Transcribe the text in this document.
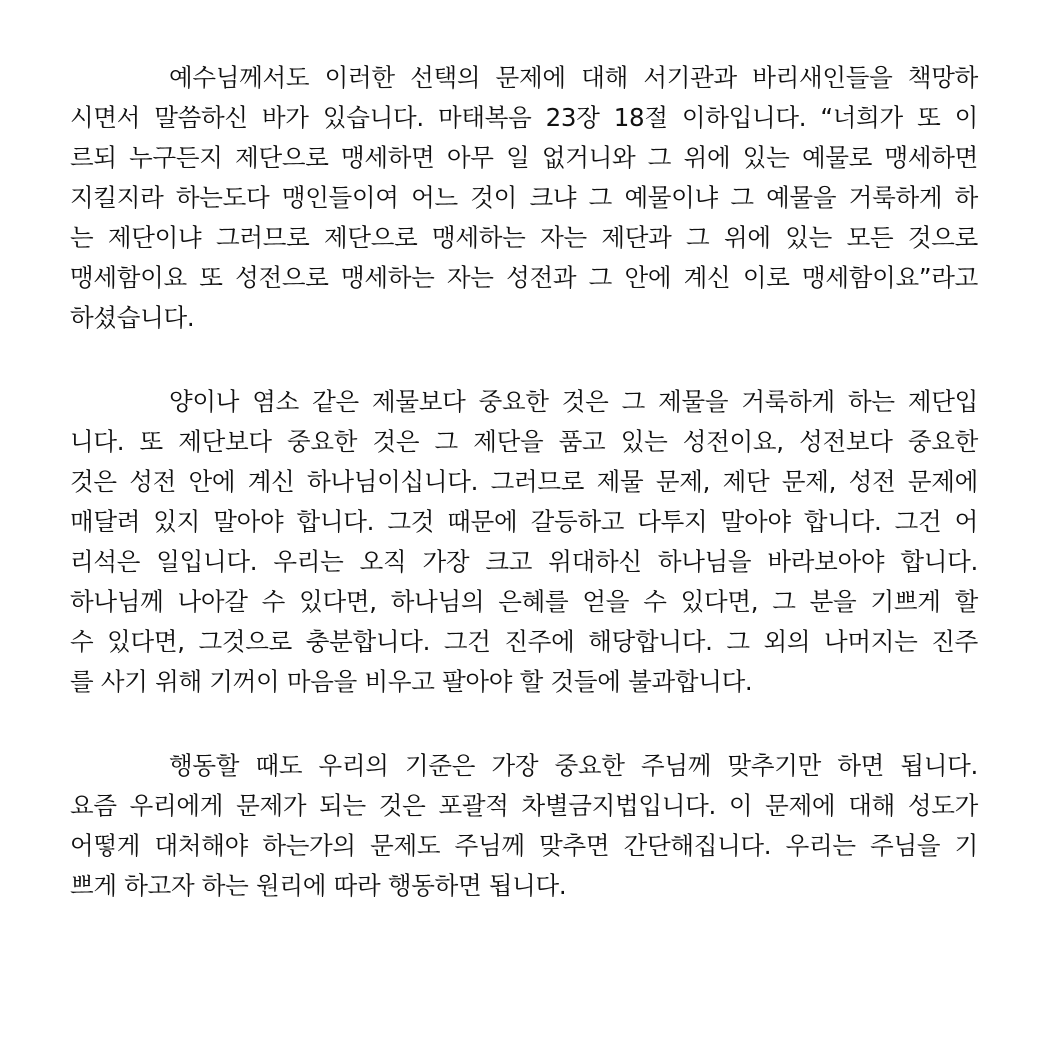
예수님께서도 이러한 선택의 문제에 대해 서기관과 바리새인들을 책망하
시면서 말씀하신 바가 있습니다. 마태복음 23장 18절 이하입니다. “너희가 또 이
르되 누구든지 제단으로 맹세하면 아무 일 없거니와 그 위에 있는 예물로 맹세하면
지킬지라 하는도다 맹인들이여 어느 것이 크냐 그 예물이냐 그 예물을 거룩하게 하
는 제단이냐 그러므로 제단으로 맹세하는 자는 제단과 그 위에 있는 모든 것으로
맹세함이요 또 성전으로 맹세하는 자는 성전과 그 안에 계신 이로 맹세함이요”라고
하셨습니다.
양이나 염소 같은 제물보다 중요한 것은 그 제물을 거룩하게 하는 제단입
니다. 또 제단보다 중요한 것은 그 제단을 품고 있는 성전이요, 성전보다 중요한
것은 성전 안에 계신 하나님이십니다. 그러므로 제물 문제, 제단 문제, 성전 문제에
매달려 있지 말아야 합니다. 그것 때문에 갈등하고 다투지 말아야 합니다. 그건 어
리석은 일입니다. 우리는 오직 가장 크고 위대하신 하나님을 바라보아야 합니다.
하나님께 나아갈 수 있다면, 하나님의 은혜를 얻을 수 있다면, 그 분을 기쁘게 할
수 있다면, 그것으로 충분합니다. 그건 진주에 해당합니다. 그 외의 나머지는 진주
를 사기 위해 기꺼이 마음을 비우고 팔아야 할 것들에 불과합니다.
행동할 때도 우리의 기준은 가장 중요한 주님께 맞추기만 하면 됩니다.
요즘 우리에게 문제가 되는 것은 포괄적 차별금지법입니다. 이 문제에 대해 성도가
어떻게 대처해야 하는가의 문제도 주님께 맞추면 간단해집니다. 우리는 주님을 기
쁘게 하고자 하는 원리에 따라 행동하면 됩니다.
